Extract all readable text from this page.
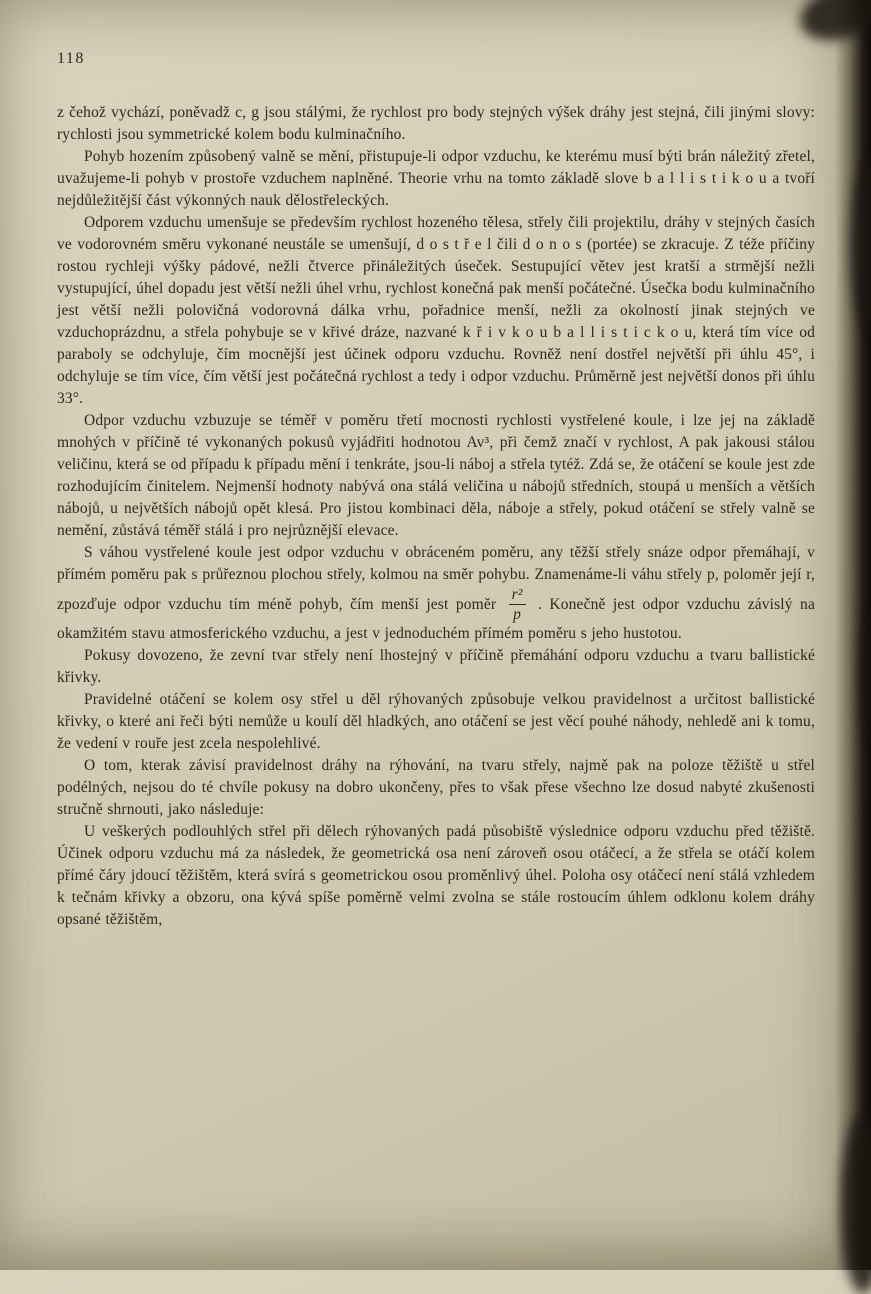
118

z čehož vychází, poněvadž c, g jsou stálými, že rychlost pro body stejných výšek dráhy jest stejná, čili jinými slovy: rychlosti jsou symmetrické kolem bodu kulminačního.

Pohyb hozením způsobený valně se mění, přistupuje-li odpor vzduchu, ke kterému musí býti brán náležitý zřetel, uvažujeme-li pohyb v prostoře vzduchem naplněné. Theorie vrhu na tomto základě slove b a l l i s t i k o u a tvoří nejdůležitější část výkonných nauk dělostřeleckých.

Odporem vzduchu umenšuje se především rychlost hozeného tělesa, střely čili projektilu, dráhy v stejných časích ve vodorovném směru vykonané neustále se umenšují, d o s t ř e l čili d o n o s (portée) se zkracuje. Z téže příčiny rostou rychleji výšky pádové, nežli čtverce přináležitých úseček. Sestupující větev jest kratší a strmější nežli vystupující, úhel dopadu jest větší nežli úhel vrhu, rychlost konečná pak menší počátečné. Úsečka bodu kulminačního jest větší nežli polovičná vodorovná dálka vrhu, pořadnice menší, nežli za okolností jinak stejných ve vzduchoprázdnu, a střela pohybuje se v křivé dráze, nazvané k ř i v k o u b a l l i s t i c k o u, která tím více od paraboly se odchyluje, čím mocnější jest účinek odporu vzduchu. Rovněž není dostřel největší při úhlu 45°, i odchyluje se tím více, čím větší jest počátečná rychlost a tedy i odpor vzduchu. Průměrně jest největší donos při úhlu 33°.

Odpor vzduchu vzbuzuje se téměř v poměru třetí mocnosti rychlosti vystřelené koule, i lze jej na základě mnohých v příčině té vykonaných pokusů vyjádřiti hodnotou Av³, při čemž značí v rychlost, A pak jakousi stálou veličinu, která se od případu k případu mění i tenkráte, jsou-li náboj a střela tytéž. Zdá se, že otáčení se koule jest zde rozhodujícím činitelem. Nejmenší hodnoty nabývá ona stálá veličina u nábojů středních, stoupá u menších a větších nábojů, u největších nábojů opět klesá. Pro jistou kombinaci děla, náboje a střely, pokud otáčení se střely valně se nemění, zůstává téměř stálá i pro nejrůznější elevace.

S váhou vystřelené koule jest odpor vzduchu v obráceném poměru, any těžší střely snáze odpor přemáhají, v přímém poměru pak s průřeznou plochou střely, kolmou na směr pohybu. Znamenáme-li váhu střely p, poloměr její r, zpozďuje odpor vzduchu tím méně pohyb, čím menší jest poměr $\frac{\text{r²}}{p}$ . Konečně jest odpor vzduchu závislý na okamžitém stavu atmosferického vzduchu, a jest v jednoduchém přímém poměru s jeho hustotou.

Pokusy dovozeno, že zevní tvar střely není lhostejný v příčině přemáhání odporu vzduchu a tvaru ballistické křivky.

Pravidelné otáčení se kolem osy střel u děl rýhovaných způsobuje velkou pravidelnost a určitost ballistické křivky, o které ani řeči býti nemůže u koulí děl hladkých, ano otáčení se jest věcí pouhé náhody, nehledě ani k tomu, že vedení v rouře jest zcela nespolehlivé.

O tom, kterak závisí pravidelnost dráhy na rýhování, na tvaru střely, najmě pak na poloze těžiště u střel podélných, nejsou do té chvíle pokusy na dobro ukončeny, přes to však přese všechno lze dosud nabyté zkušenosti stručně shrnouti, jako následuje:

U veškerých podlouhlých střel při dělech rýhovaných padá působiště výslednice odporu vzduchu před těžiště. Účinek odporu vzduchu má za následek, že geometrická osa není zároveň osou otáčecí, a že střela se otáčí kolem přímé čáry jdoucí těžištěm, která svírá s geometrickou osou proměnlivý úhel. Poloha osy otáčecí není stálá vzhledem k tečnám křivky a obzoru, ona kývá spíše poměrně velmi zvolna se stále rostoucím úhlem odklonu kolem dráhy opsané těžištěm,
